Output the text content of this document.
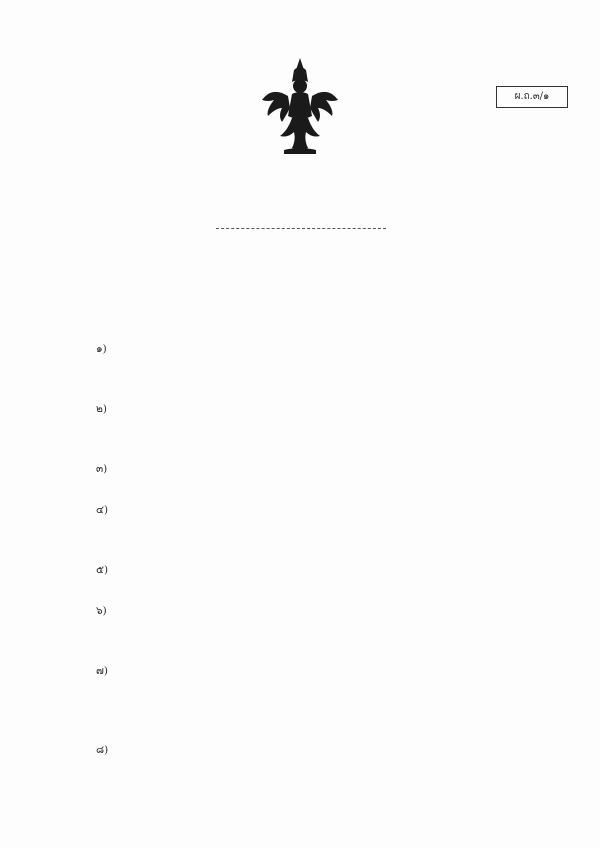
ผ.ถ.๓/๑
๑)
๒)
๓)
๔)
๕)
๖)
๗)
๘)
